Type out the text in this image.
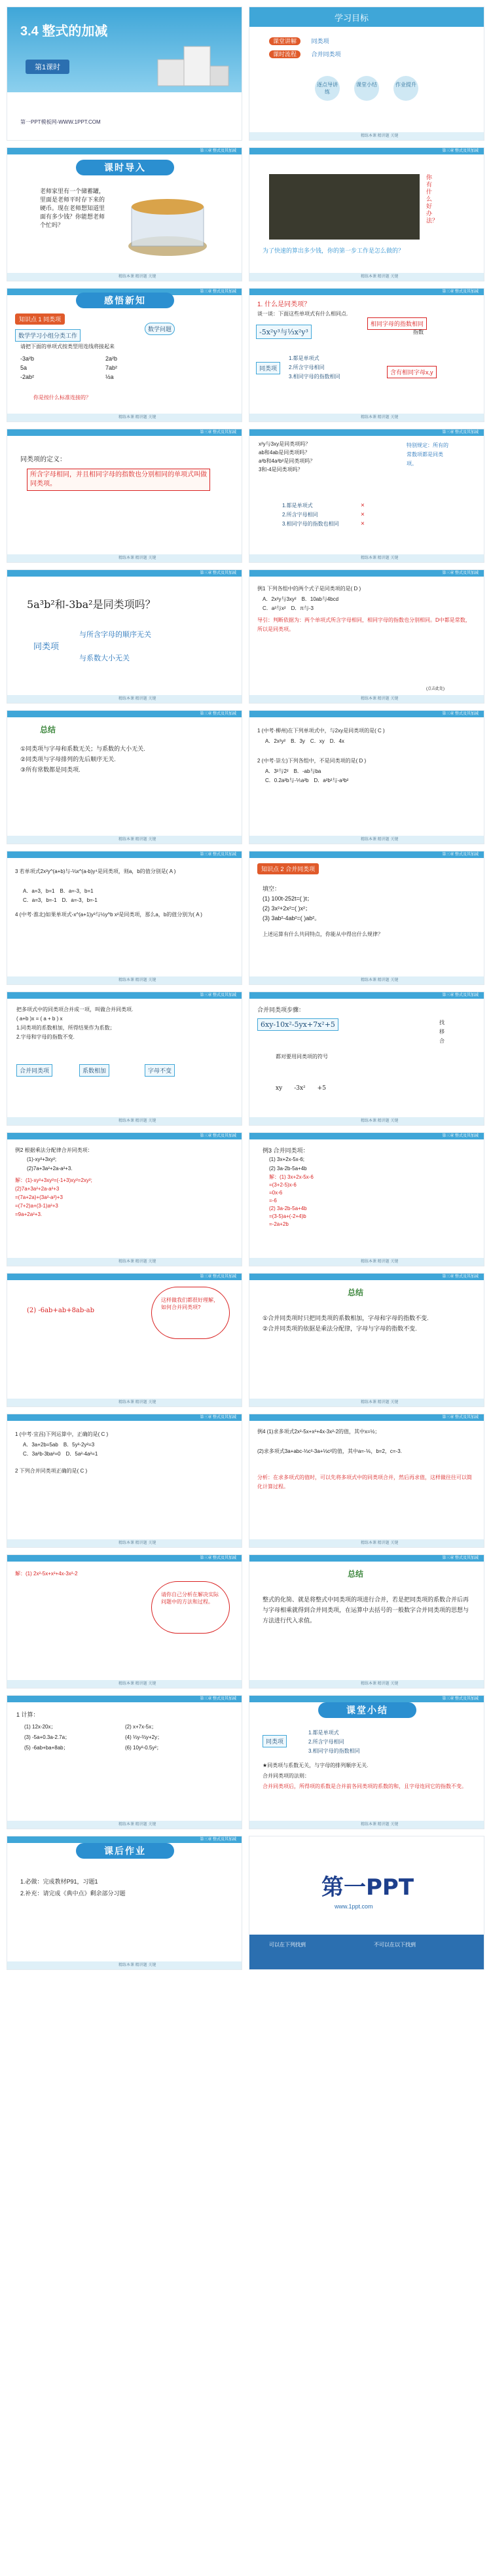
3.4 整式的加减
第1课时
第一PPT模板网-WWW.1PPT.COM
学习目标
课堂讲解	同类项
课时流程	合并同类项
逐点导讲练
课堂小结	作业提升
精练本课 精讲题 关键
第三章 整式及其加减
课时导入
老师家里有一个储蓄罐，里面是老师平时存下来的硬币。现在老师想知道里面有多少钱？你能想老师个忙吗？
精练本课 精讲题 关键
第三章 整式及其加减
你有什么好办法？
为了快速的算出多少钱，你的第一步工作是怎么做的？
精练本课 精讲题 关键
第三章 整式及其加减
感悟新知
知识点 1 同类项
数学学习小组分类工作
数学问题
请把下面的单项式按类型用连线将接起来
-3a²b
5a
-2ab²
2a²b
7ab²
½a
你是按什么标准连接的？
精练本课 精讲题 关键
第三章 整式及其加减
1. 什么是同类项？
谈一谈：下面这些单项式有什么相同点.
-5x²y³与⅓x²y³
相同字母的指数相同
指数
同类项
1.都是单项式
2.所含字母相同
3.相同字母的指数相同
含有相同字母x,y
精练本课 精讲题 关键
第三章 整式及其加减
同类项的定义：
所含字母相同，并且相同字母的指数也分别相同的单项式叫做同类项。
精练本课 精讲题 关键
第三章 整式及其加减
x²y与3xy是同类项吗？
ab和4ab是同类项吗？
a²b和4a²b²是同类项吗？
3和-4是同类项吗？
特别规定：所有的常数项都是同类项。
1.都是单项式
2.所含字母相同
3.相同字母的指数也相同
×
×
×
精练本课 精讲题 关键
第三章 整式及其加减
5a³b²和-3ba²是同类项吗？
同类项
与所含字母的顺序无关
与系数大小无关
精练本课 精讲题 关键
第三章 整式及其加减
例1 下列各组中的两个式子是同类项的是( D )
A．2x²y与3xy²　 B．10ab与4bcd
C．a²与x²　 D．π与-3
导引：判断依据为：两个单项式所含字母相同，相同字母的指数也分别相同。D中都是常数，所以是同类项。
(点击此处)
精练本课 精讲题 关键
第三章 整式及其加减
总结
①同类项与字母和系数无关；与系数的大小无关.
②同类项与字母排列的先后顺序无关.
③所有常数都是同类项.
精练本课 精讲题 关键
第三章 整式及其加减
1 (中考·柳州)在下列单项式中，与2xy是同类项的是( C )
A．2x²y²　 B．3y　 C．xy　 D．4x
2 (中考·崇左)下列各组中，不是同类项的是( D )
A．3²与2²　 B．-ab与ba
C．0.2a²b与-⅕a²b　 D．a²b²与-a³b²
精练本课 精讲题 关键
第三章 整式及其加减
3 若单项式2x²y^(a+b)与-⅓x^(a-b)y⁴是同类项，则a，b的值分别是( A )
A．a=3，b=1　 B．a=-3，b=1
C．a=3，b=-1　 D．a=-3，b=-1
4 (中考·淮北)如果单项式-x^(a+1)y³与½y^b x²是同类项，那么a，b的值分别为( A )
精练本课 精讲题 关键
第三章 整式及其加减
知识点 2 合并同类项
填空：
(1) 100t-252t=( )t；
(2) 3x²+2x²=( )x²；
(3) 3ab²-4ab²=( )ab²。
上述运算有什么共同特点，你能从中得出什么规律？
精练本课 精讲题 关键
第三章 整式及其加减
把多项式中的同类项合并成一项，叫做合并同类项.
( a+b )x = ( a + b ) x
1.同类项的系数相加，所得结果作为系数；
2.字母和字母的指数不变.
合并同类项	系数相加	字母不变
精练本课 精讲题 关键
第三章 整式及其加减
合并同类项步骤：
6xy-10x²-5yx+7x²+5	找
移
合
都对要用同类项的符号
xy　　 -3x²　　 +5
精练本课 精讲题 关键
第三章 整式及其加减
例2 根据乘法分配律合并同类项：
(1)-xy²+3xy²;
(2)7a+3a²+2a-a²+3.
解：(1)-xy²+3xy²=(-1+3)xy²=2xy²;
(2)7a+3a²+2a-a²+3
=(7a+2a)+(3a²-a²)+3
=(7+2)a+(3-1)a²+3
=9a+2a²+3.
精练本课 精讲题 关键
第三章 整式及其加减
例3 合并同类项：
(1) 3x+2x-5x-6;
(2) 3a-2b-5a+4b
解：(1) 3x+2x-5x-6
=(3+2-5)x-6
=0x-6
=-6
(2) 3a-2b-5a+4b
=(3-5)a+(-2+4)b
=-2a+2b
精练本课 精讲题 关键
第三章 整式及其加减
(2) -6ab+ab+8ab-ab
这样做我们都很好理解，如何合并同类项?
精练本课 精讲题 关键
第三章 整式及其加减
总结
①合并同类项时只把同类项的系数相加，字母和字母的指数不变.
②合并同类项的依据是乘法分配律，字母与字母的指数不变.
精练本课 精讲题 关键
第三章 整式及其加减
1 (中考·宜昌)下列运算中，正确的是( C )
A．3a+2b=5ab　 B．5y²-2y²=3
C．3a²b-3ba²=0　 D．5a²-4a²=1
2 下列合并同类项正确的是( C )
精练本课 精讲题 关键
第三章 整式及其加减
例4 (1)求多项式2x²-5x+x²+4x-3x²-2的值，其中x=½；
(2)求多项式3a+abc-⅓c²-3a+⅓c²的值，其中a=-⅙，b=2，c=-3.
分析：在求多项式的值时，可以先将多项式中的同类项合并，然后再求值，这样做往往可以简化计算过程。
精练本课 精讲题 关键
第三章 整式及其加减
解：(1) 2x²-5x+x²+4x-3x²-2
请你自己分析在解决实际问题中的方法和过程。
精练本课 精讲题 关键
第三章 整式及其加减
总结
整式的化简、就是将整式中同类项的项进行合并，若是把同类项的系数合并后再与字母相乘就得到合并同类项，在运算中去括号的一般数字合并同类项的思想与方法进行代入求值。
精练本课 精讲题 关键
第三章 整式及其加减
1 计算：
(1) 12x-20x；
(3) -5a+0.3a-2.7a；
(5) -6ab+ba+8ab；
(2) x+7x-5x；
(4) ⅓y-⅔y+2y；
(6) 10y²-0.5y²；
精练本课 精讲题 关键
第三章 整式及其加减
课堂小结
同类项
1.都是单项式
2.所含字母相同
3.相同字母的指数相同
★同类项与系数无关，与字母的排列顺序无关.
合并同类项的法则：
合并同类项后，所得项的系数是合并前各同类项的系数的和，且字母连同它的指数不变。
精练本课 精讲题 关键
第三章 整式及其加减
课后作业
1.必做：完成教材P91，习题1
2.补充：请完成《典中点》剩余部分习题
精练本课 精讲题 关键
第一PPT
www.1ppt.com
可以在下列找到	不可以在以下找到
